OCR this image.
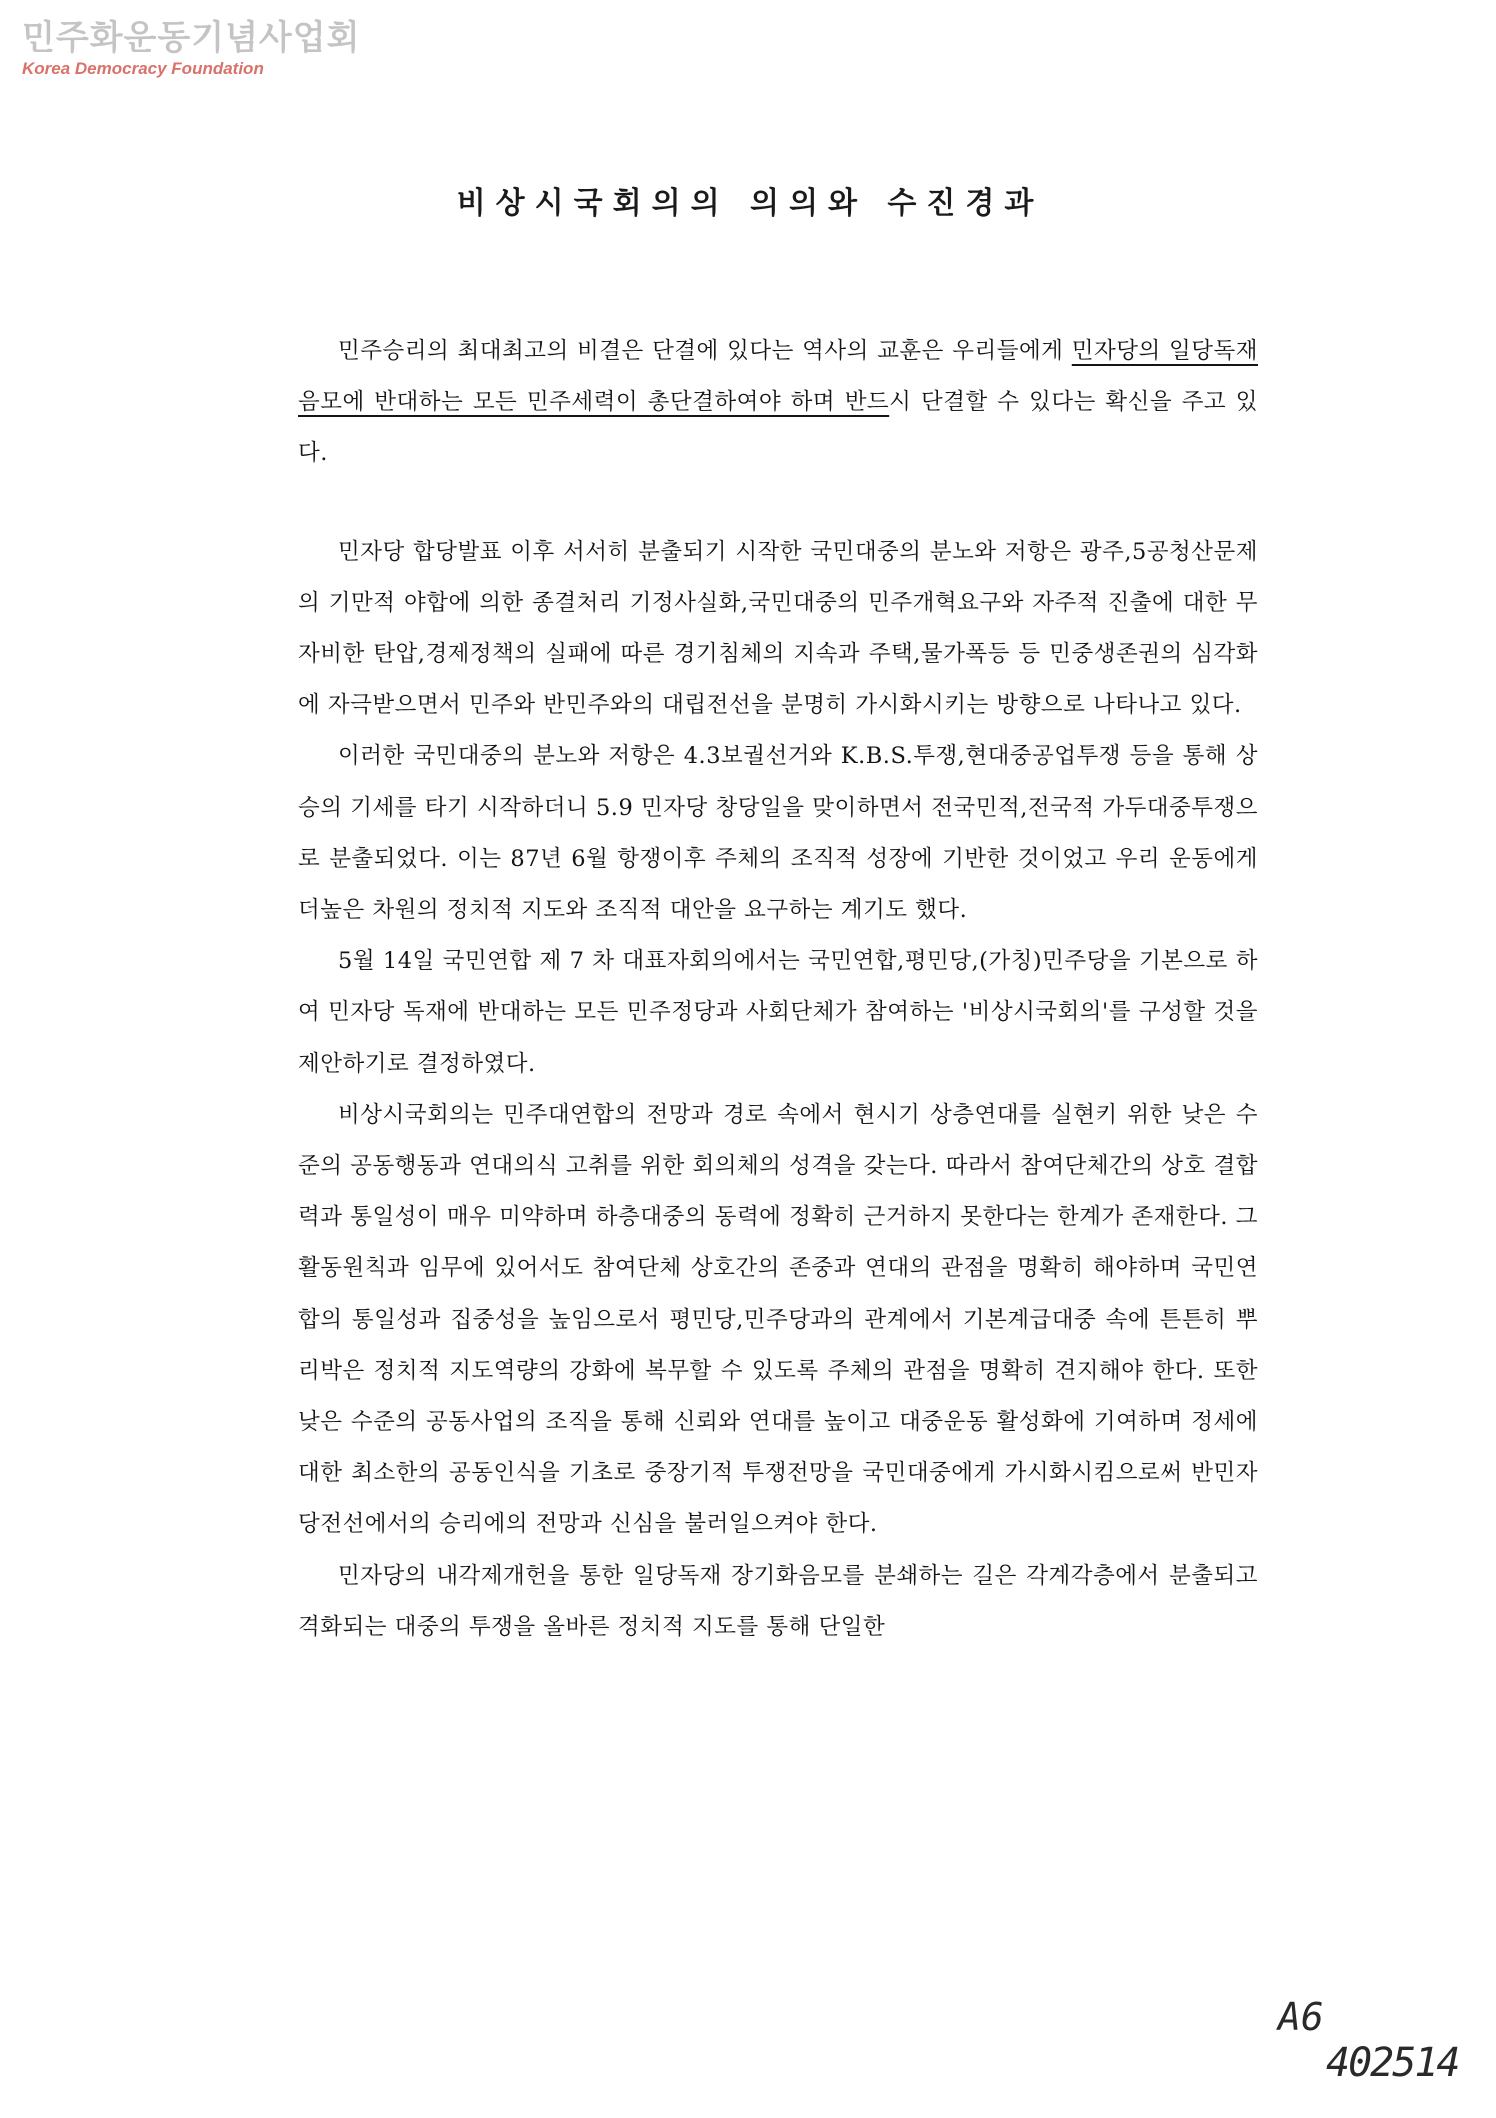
민주화운동기념사업회
Korea Democracy Foundation
비상시국회의의 의의와 수진경과

민주승리의 최대최고의 비결은 단결에 있다는 역사의 교훈은 우리들에게 민자당의 일당독재음모에 반대하는 모든 민주세력이 총단결하여야 하며 반드시 단결할 수 있다는 확신을 주고 있다.

민자당 합당발표 이후 서서히 분출되기 시작한 국민대중의 분노와 저항은 광주,5공청산문제의 기만적 야합에 의한 종결처리 기정사실화,국민대중의 민주개혁요구와 자주적 진출에 대한 무자비한 탄압,경제정책의 실패에 따른 경기침체의 지속과 주택,물가폭등 등 민중생존권의 심각화에 자극받으면서 민주와 반민주와의 대립전선을 분명히 가시화시키는 방향으로 나타나고 있다.

이러한 국민대중의 분노와 저항은 4.3보궐선거와 K.B.S.투쟁,현대중공업투쟁 등을 통해 상승의 기세를 타기 시작하더니 5.9 민자당 창당일을 맞이하면서 전국민적,전국적 가두대중투쟁으로 분출되었다. 이는 87년 6월 항쟁이후 주체의 조직적 성장에 기반한 것이었고 우리 운동에게 더높은 차원의 정치적 지도와 조직적 대안을 요구하는 계기도 했다.

5월 14일 국민연합 제 7 차 대표자회의에서는 국민연합,평민당,(가칭)민주당을 기본으로 하여 민자당 독재에 반대하는 모든 민주정당과 사회단체가 참여하는 '비상시국회의'를 구성할 것을 제안하기로 결정하였다.

비상시국회의는 민주대연합의 전망과 경로 속에서 현시기 상층연대를 실현키 위한 낮은 수준의 공동행동과 연대의식 고취를 위한 회의체의 성격을 갖는다. 따라서 참여단체간의 상호 결합력과 통일성이 매우 미약하며 하층대중의 동력에 정확히 근거하지 못한다는 한계가 존재한다. 그 활동원칙과 임무에 있어서도 참여단체 상호간의 존중과 연대의 관점을 명확히 해야하며 국민연합의 통일성과 집중성을 높임으로서 평민당,민주당과의 관계에서 기본계급대중 속에 튼튼히 뿌리박은 정치적 지도역량의 강화에 복무할 수 있도록 주체의 관점을 명확히 견지해야 한다. 또한 낮은 수준의 공동사업의 조직을 통해 신뢰와 연대를 높이고 대중운동 활성화에 기여하며 정세에 대한 최소한의 공동인식을 기초로 중장기적 투쟁전망을 국민대중에게 가시화시킴으로써 반민자당전선에서의 승리에의 전망과 신심을 불러일으켜야 한다.

민자당의 내각제개헌을 통한 일당독재 장기화음모를 분쇄하는 길은 각계각층에서 분출되고 격화되는 대중의 투쟁을 올바른 정치적 지도를 통해 단일한

A6
402514
